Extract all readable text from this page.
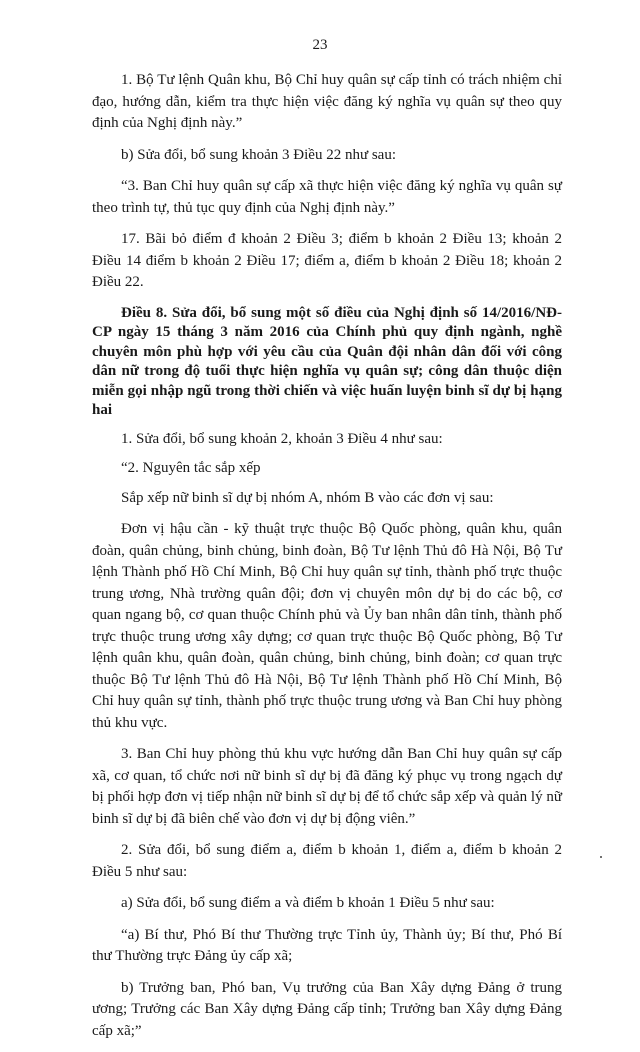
23

1. Bộ Tư lệnh Quân khu, Bộ Chỉ huy quân sự cấp tỉnh có trách nhiệm chỉ đạo, hướng dẫn, kiểm tra thực hiện việc đăng ký nghĩa vụ quân sự theo quy định của Nghị định này.”

b) Sửa đổi, bổ sung khoản 3 Điều 22 như sau:

“3. Ban Chỉ huy quân sự cấp xã thực hiện việc đăng ký nghĩa vụ quân sự theo trình tự, thủ tục quy định của Nghị định này.”

17. Bãi bỏ điểm đ khoản 2 Điều 3; điểm b khoản 2 Điều 13; khoản 2 Điều 14 điểm b khoản 2 Điều 17; điểm a, điểm b khoản 2 Điều 18; khoản 2 Điều 22.

Điều 8. Sửa đổi, bổ sung một số điều của Nghị định số 14/2016/NĐ-CP ngày 15 tháng 3 năm 2016 của Chính phủ quy định ngành, nghề chuyên môn phù hợp với yêu cầu của Quân đội nhân dân đối với công dân nữ trong độ tuổi thực hiện nghĩa vụ quân sự; công dân thuộc diện miễn gọi nhập ngũ trong thời chiến và việc huấn luyện binh sĩ dự bị hạng hai

1. Sửa đổi, bổ sung khoản 2, khoản 3 Điều 4 như sau:

“2. Nguyên tắc sắp xếp

Sắp xếp nữ binh sĩ dự bị nhóm A, nhóm B vào các đơn vị sau:

Đơn vị hậu cần - kỹ thuật trực thuộc Bộ Quốc phòng, quân khu, quân đoàn, quân chủng, binh chủng, binh đoàn, Bộ Tư lệnh Thủ đô Hà Nội, Bộ Tư lệnh Thành phố Hồ Chí Minh, Bộ Chỉ huy quân sự tỉnh, thành phố trực thuộc trung ương, Nhà trường quân đội; đơn vị chuyên môn dự bị do các bộ, cơ quan ngang bộ, cơ quan thuộc Chính phủ và Ủy ban nhân dân tỉnh, thành phố trực thuộc trung ương xây dựng; cơ quan trực thuộc Bộ Quốc phòng, Bộ Tư lệnh quân khu, quân đoàn, quân chủng, binh chủng, binh đoàn; cơ quan trực thuộc Bộ Tư lệnh Thủ đô Hà Nội, Bộ Tư lệnh Thành phố Hồ Chí Minh, Bộ Chỉ huy quân sự tỉnh, thành phố trực thuộc trung ương và Ban Chỉ huy phòng thủ khu vực.

3. Ban Chỉ huy phòng thủ khu vực hướng dẫn Ban Chỉ huy quân sự cấp xã, cơ quan, tổ chức nơi nữ binh sĩ dự bị đã đăng ký phục vụ trong ngạch dự bị phối hợp đơn vị tiếp nhận nữ binh sĩ dự bị để tổ chức sắp xếp và quản lý nữ binh sĩ dự bị đã biên chế vào đơn vị dự bị động viên.”

2. Sửa đổi, bổ sung điểm a, điểm b khoản 1, điểm a, điểm b khoản 2 Điều 5 như sau:

a) Sửa đổi, bổ sung điểm a và điểm b khoản 1 Điều 5 như sau:

“a) Bí thư, Phó Bí thư Thường trực Tỉnh ủy, Thành ủy; Bí thư, Phó Bí thư Thường trực Đảng ủy cấp xã;

b) Trưởng ban, Phó ban, Vụ trưởng của Ban Xây dựng Đảng ở trung ương; Trưởng các Ban Xây dựng Đảng cấp tỉnh; Trưởng ban Xây dựng Đảng cấp xã;”
